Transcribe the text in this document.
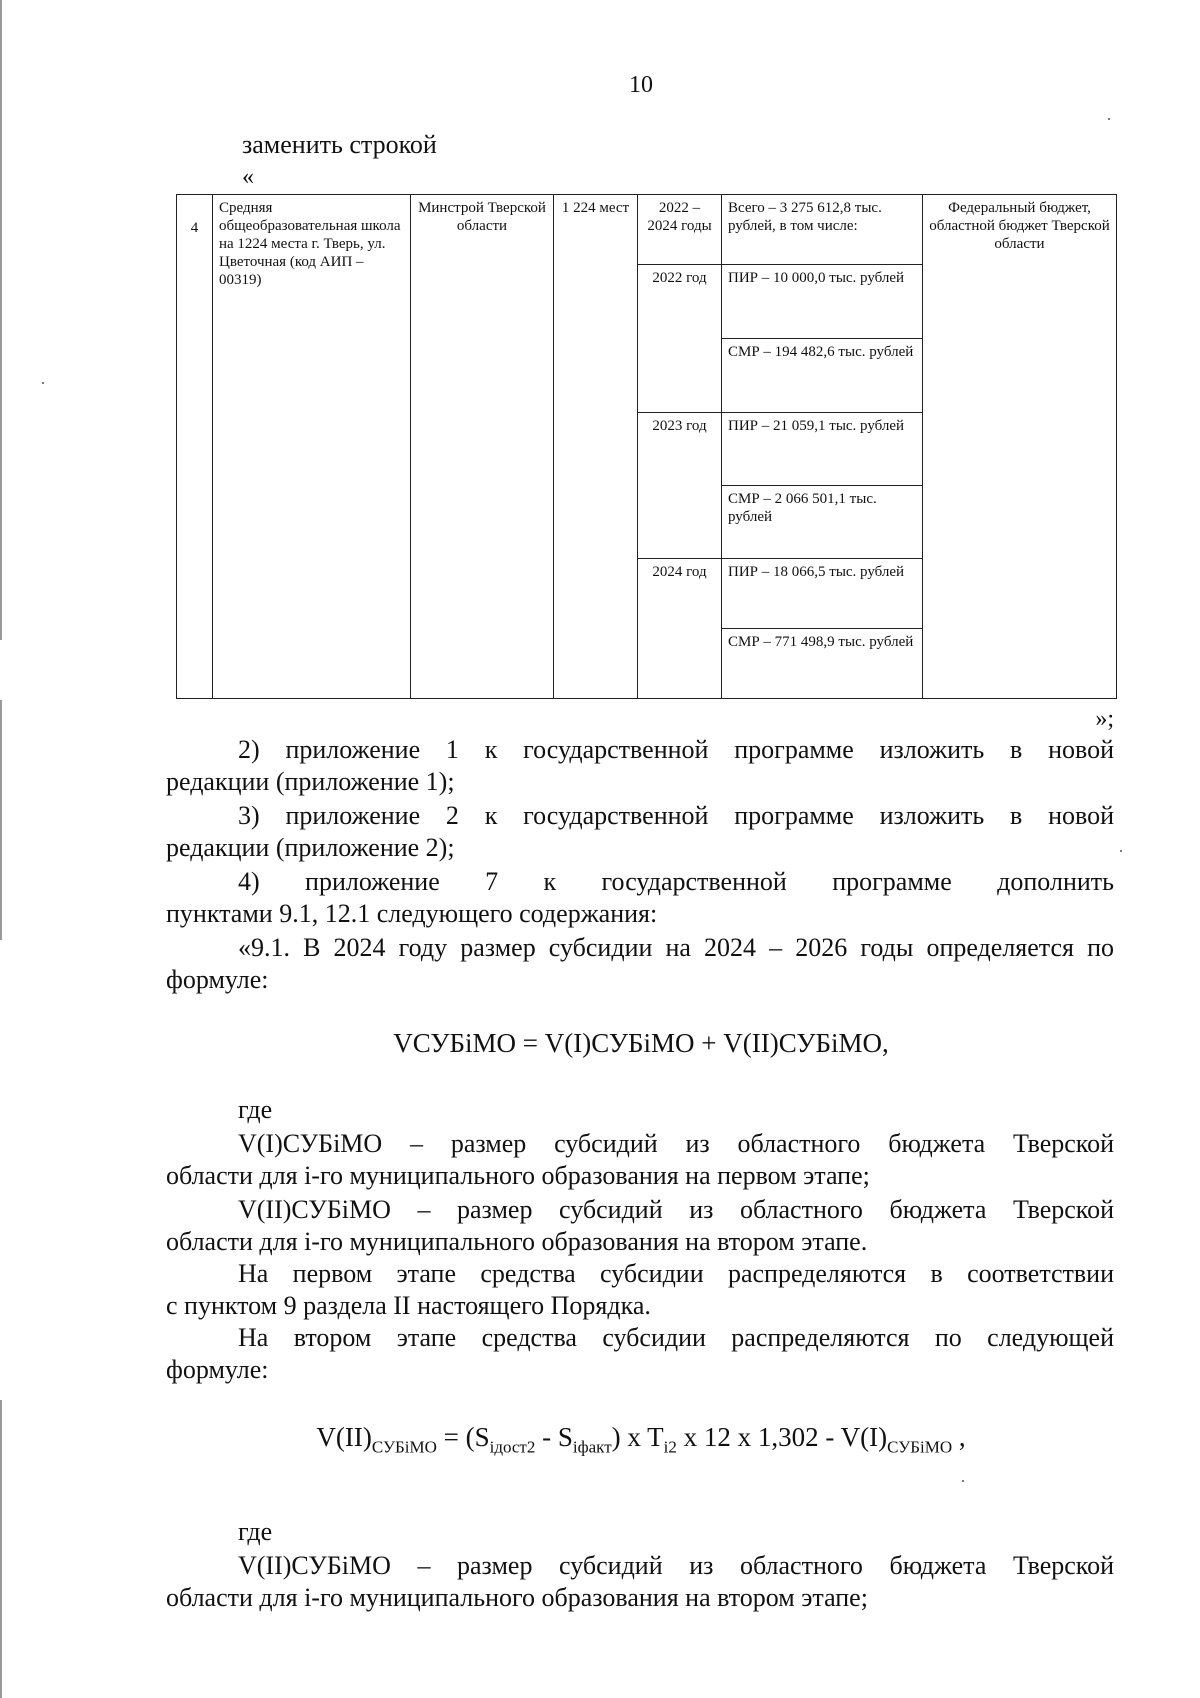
10
заменить строкой
«
4	Средняя общеобразовательная школа на 1224 места г. Тверь, ул. Цветочная (код АИП – 00319)	Минстрой Тверской области	1 224 мест	2022 – 2024 годы	Всего – 3 275 612,8 тыс. рублей, в том числе:	Федеральный бюджет, областной бюджет Тверской области
				2022 год	ПИР – 10 000,0 тыс. рублей	
					СМР – 194 482,6 тыс. рублей	
				2023 год	ПИР – 21 059,1 тыс. рублей	
					СМР – 2 066 501,1 тыс. рублей	
				2024 год	ПИР – 18 066,5 тыс. рублей	
					СМР – 771 498,9 тыс. рублей	
»;
2) приложение 1 к государственной программе изложить в новой
редакции (приложение 1);
3) приложение 2 к государственной программе изложить в новой
редакции (приложение 2);
4) приложение 7 к государственной программе дополнить
пунктами 9.1, 12.1 следующего содержания:
«9.1. В 2024 году размер субсидии на 2024 – 2026 годы определяется по
формуле:
VСУБiМО = V(I)СУБiМО + V(II)СУБiМО,
где
V(I)СУБiМО – размер субсидий из областного бюджета Тверской
области для i-го муниципального образования на первом этапе;
V(II)СУБiМО – размер субсидий из областного бюджета Тверской
области для i-го муниципального образования на втором этапе.
На первом этапе средства субсидии распределяются в соответствии
с пунктом 9 раздела II настоящего Порядка.
На втором этапе средства субсидии распределяются по следующей
формуле:
$V(II)_{СУБiМО} = (S_{iдост2} - S_{iфакт})$ x $T_{i2}$ x 12 x $1,302 - V(I)_{СУБiМО}$ ,
где
V(II)СУБiМО – размер субсидий из областного бюджета Тверской
области для i-го муниципального образования на втором этапе;
